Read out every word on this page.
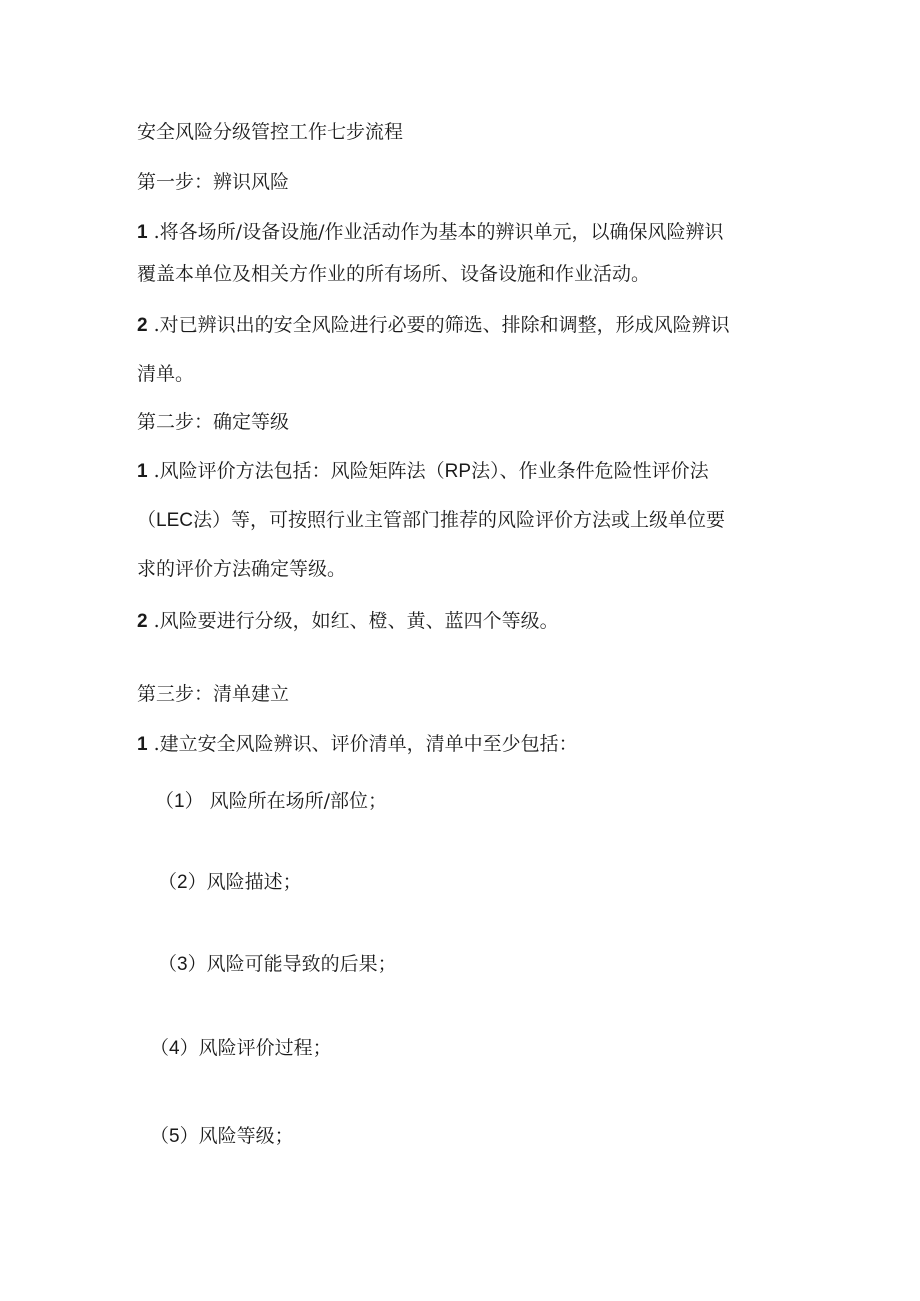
安全风险分级管控工作七步流程
第一步：辨识风险
1 .将各场所/设备设施/作业活动作为基本的辨识单元，以确保风险辨识
覆盖本单位及相关方作业的所有场所、设备设施和作业活动。
2 .对已辨识出的安全风险进行必要的筛选、排除和调整，形成风险辨识
清单。
第二步：确定等级
1 .风险评价方法包括：风险矩阵法（RP法）、作业条件危险性评价法
（LEC法）等，可按照行业主管部门推荐的风险评价方法或上级单位要
求的评价方法确定等级。
2 .风险要进行分级，如红、橙、黄、蓝四个等级。
第三步：清单建立
1 .建立安全风险辨识、评价清单，清单中至少包括：
（1） 风险所在场所/部位；
（2）风险描述；
（3）风险可能导致的后果；
（4）风险评价过程；
（5）风险等级；
